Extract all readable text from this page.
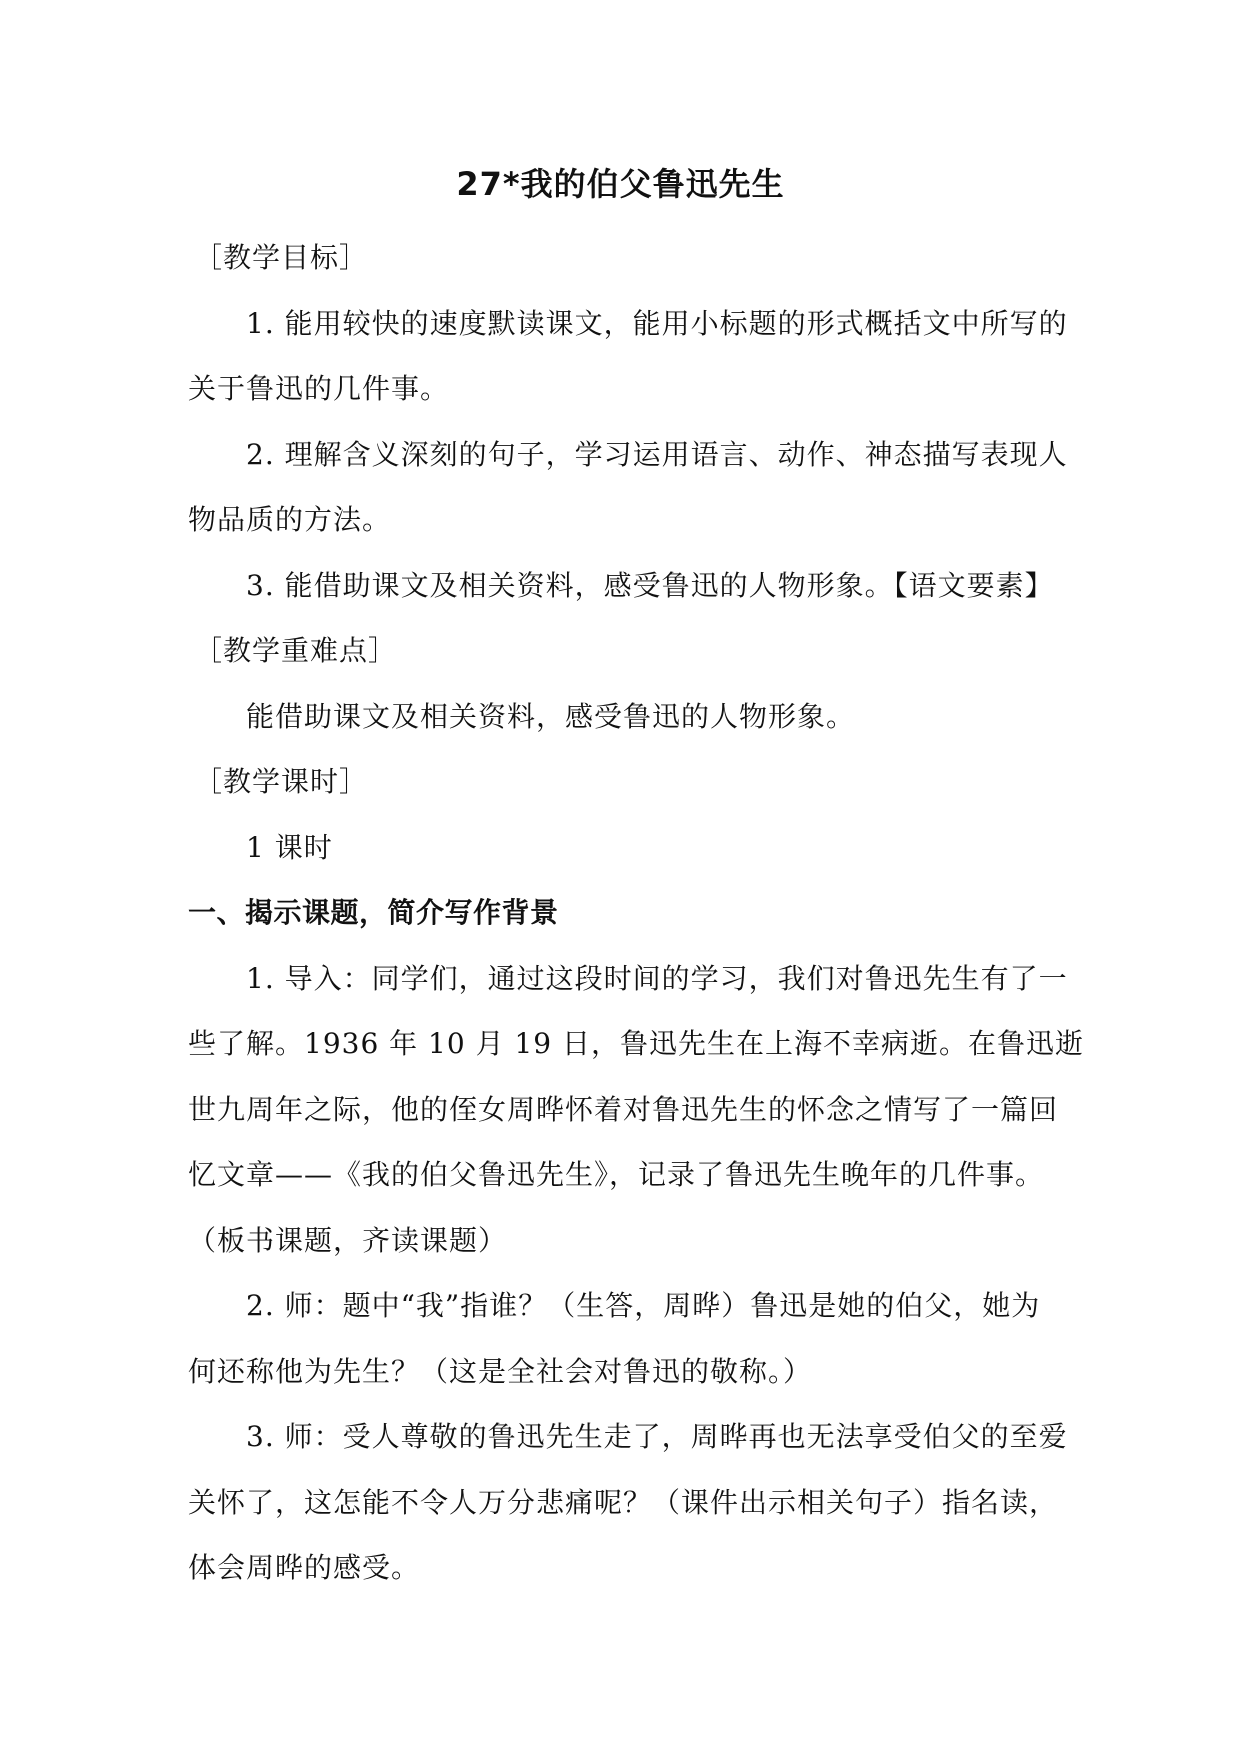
27*我的伯父鲁迅先生
［教学目标］
1. 能用较快的速度默读课文，能用小标题的形式概括文中所写的
关于鲁迅的几件事。
2. 理解含义深刻的句子，学习运用语言、动作、神态描写表现人
物品质的方法。
3. 能借助课文及相关资料，感受鲁迅的人物形象。【语文要素】
［教学重难点］
能借助课文及相关资料，感受鲁迅的人物形象。
［教学课时］
1 课时
一、揭示课题，简介写作背景
1. 导入：同学们，通过这段时间的学习，我们对鲁迅先生有了一
些了解。1936 年 10 月 19 日，鲁迅先生在上海不幸病逝。在鲁迅逝
世九周年之际，他的侄女周晔怀着对鲁迅先生的怀念之情写了一篇回
忆文章——《我的伯父鲁迅先生》，记录了鲁迅先生晚年的几件事。
（板书课题，齐读课题）
2. 师：题中“我”指谁？（生答，周晔）鲁迅是她的伯父，她为
何还称他为先生？（这是全社会对鲁迅的敬称。）
3. 师：受人尊敬的鲁迅先生走了，周晔再也无法享受伯父的至爱
关怀了，这怎能不令人万分悲痛呢？（课件出示相关句子）指名读，
体会周晔的感受。
